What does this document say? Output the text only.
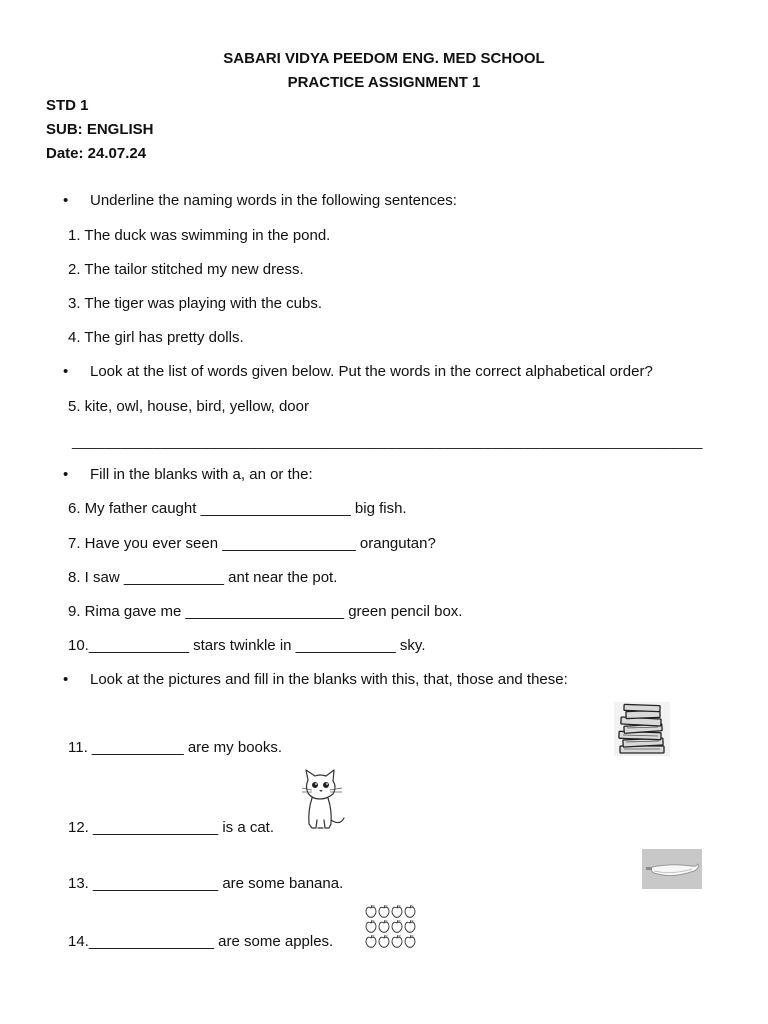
SABARI VIDYA PEEDOM ENG. MED SCHOOL
PRACTICE ASSIGNMENT 1
STD 1
SUB: ENGLISH
Date: 24.07.24
•	Underline the naming words in the following sentences:
1. The duck was swimming in the pond.
2. The tailor stitched my new dress.
3. The tiger was playing with the cubs.
4. The girl has pretty dolls.
•	Look at the list of words given below. Put the words in the correct alphabetical order?
5. kite, owl, house, bird, yellow, door
______________________________________________________________________________
•	Fill in the blanks with a, an or the:
6. My father caught __________________ big fish.
7. Have you ever seen ________________ orangutan?
8. I saw ____________ ant near the pot.
9. Rima gave me ___________________ green pencil box.
10.____________ stars twinkle in ____________ sky.
•	Look at the pictures and fill in the blanks with this, that, those and these:
11. ___________ are my books.
12. _______________ is a cat.
13. _______________ are some banana.
14._______________ are some apples.
